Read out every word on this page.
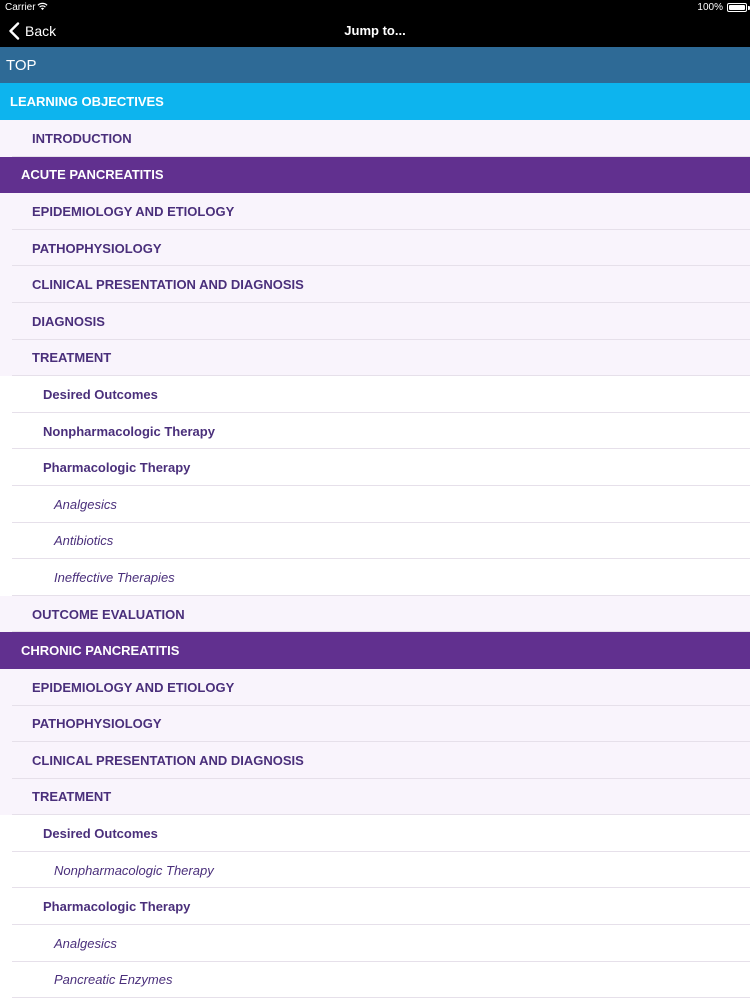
Carrier	100%
Back	Jump to...
TOP
LEARNING OBJECTIVES
INTRODUCTION
ACUTE PANCREATITIS
EPIDEMIOLOGY AND ETIOLOGY
PATHOPHYSIOLOGY
CLINICAL PRESENTATION AND DIAGNOSIS
DIAGNOSIS
TREATMENT
Desired Outcomes
Nonpharmacologic Therapy
Pharmacologic Therapy
Analgesics
Antibiotics
Ineffective Therapies
OUTCOME EVALUATION
CHRONIC PANCREATITIS
EPIDEMIOLOGY AND ETIOLOGY
PATHOPHYSIOLOGY
CLINICAL PRESENTATION AND DIAGNOSIS
TREATMENT
Desired Outcomes
Nonpharmacologic Therapy
Pharmacologic Therapy
Analgesics
Pancreatic Enzymes
